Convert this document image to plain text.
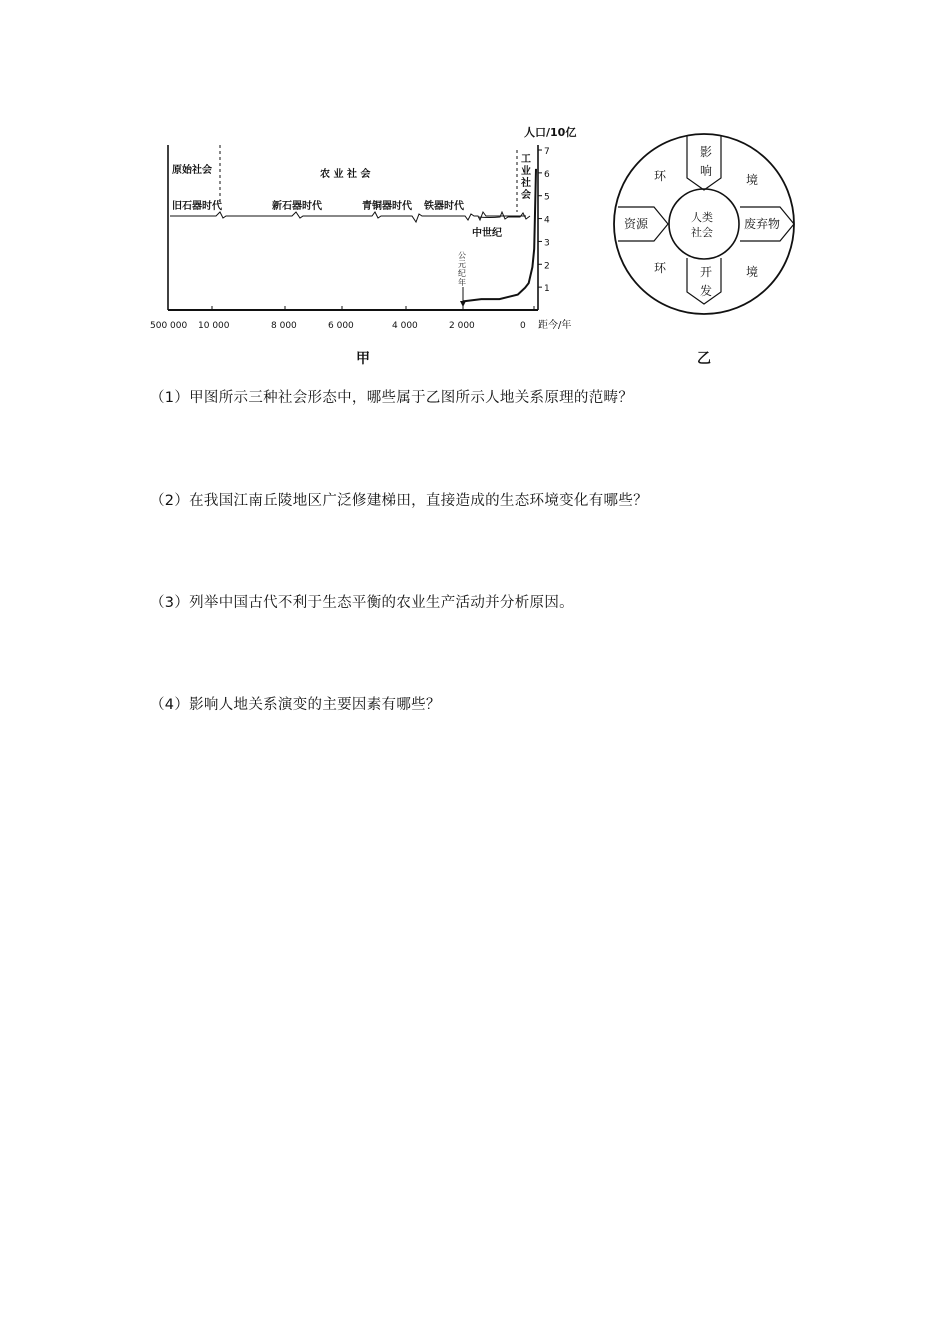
500 000 10 000	8 000	6 000	4 000	2 000	0
7
6
5
4
3
2
1
人口/10亿
距今/年
原始社会	农 业 社 会
工
业
社
会
旧石器时代	新石器时代	青铜器时代 铁器时代
中世纪
公
元
纪
年
影
响
开
发
资源	废弃物
人类
社会
环	境
环	境
甲	乙
（1）甲图所示三种社会形态中，哪些属于乙图所示人地关系原理的范畴？
（2）在我国江南丘陵地区广泛修建梯田，直接造成的生态环境变化有哪些？
（3）列举中国古代不利于生态平衡的农业生产活动并分析原因。
（4）影响人地关系演变的主要因素有哪些？
